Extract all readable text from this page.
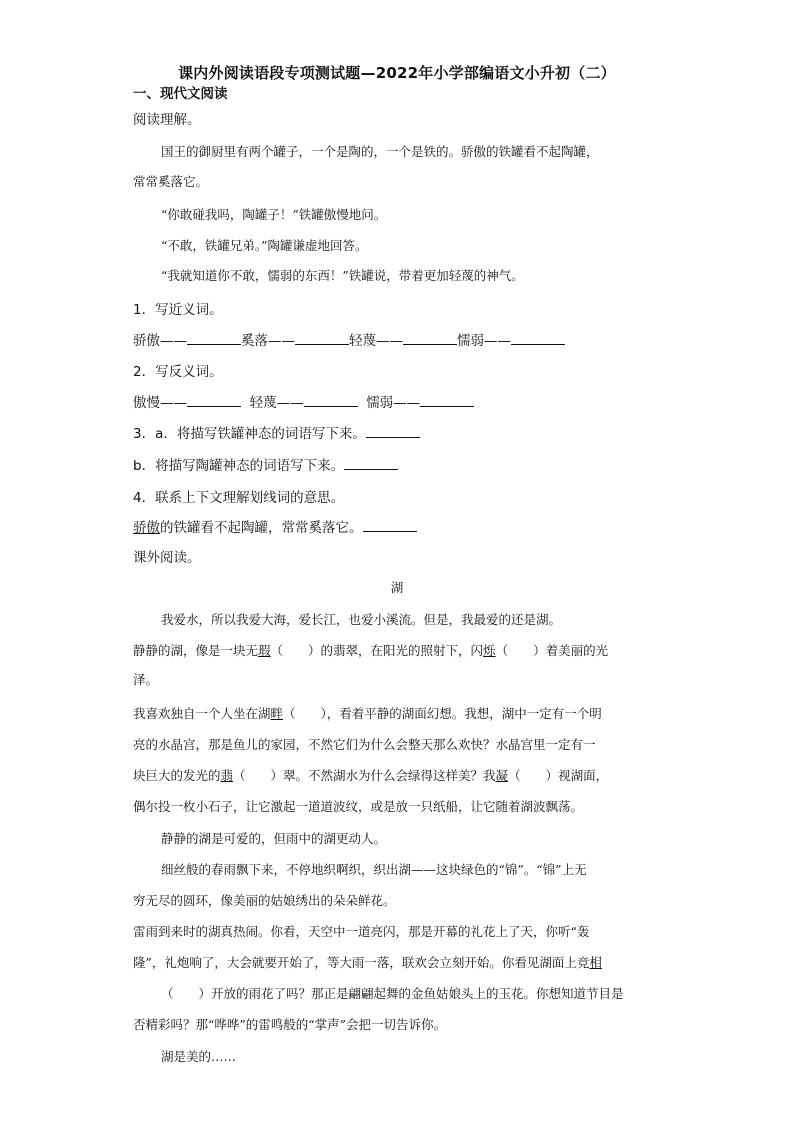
课内外阅读语段专项测试题—2022年小学部编语文小升初（二）
一、现代文阅读
阅读理解。
国王的御厨里有两个罐子，一个是陶的，一个是铁的。骄傲的铁罐看不起陶罐，
常常奚落它。
“你敢碰我吗，陶罐子！”铁罐傲慢地问。
“不敢，铁罐兄弟。”陶罐谦虚地回答。
“我就知道你不敢，懦弱的东西！”铁罐说，带着更加轻蔑的神气。
1．写近义词。
骄傲——	奚落——	轻蔑——	懦弱——
2．写反义词。
傲慢——	轻蔑——	懦弱——
3．a．将描写铁罐神态的词语写下来。
b．将描写陶罐神态的词语写下来。
4．联系上下文理解划线词的意思。
骄傲的铁罐看不起陶罐，常常奚落它。
课外阅读。
湖
我爱水，所以我爱大海，爱长江，也爱小溪流。但是，我最爱的还是湖。
静静的湖，像是一块无瑕（　　）的翡翠，在阳光的照射下，闪烁（　　）着美丽的光
泽。
我喜欢独自一个人坐在湖畔（　　），看着平静的湖面幻想。我想，湖中一定有一个明
亮的水晶宫，那是鱼儿的家园，不然它们为什么会整天那么欢快？水晶宫里一定有一
块巨大的发光的翡（　　）翠。不然湖水为什么会绿得这样美？我凝（　　）视湖面，
偶尔投一枚小石子，让它激起一道道波纹，或是放一只纸船，让它随着湖波飘荡。
静静的湖是可爱的，但雨中的湖更动人。
细丝般的春雨飘下来，不停地织啊织，织出湖——这块绿色的“锦”。“锦”上无
穷无尽的圆环，像美丽的姑娘绣出的朵朵鲜花。
雷雨到来时的湖真热闹。你看，天空中一道亮闪，那是开幕的礼花上了天，你听“轰
隆”，礼炮响了，大会就要开始了，等大雨一落，联欢会立刻开始。你看见湖面上竞相
（　　）开放的雨花了吗？那正是翩翩起舞的金鱼姑娘头上的玉花。你想知道节目是
否精彩吗？那“哗哗”的雷鸣般的“掌声”会把一切告诉你。
湖是美的……
